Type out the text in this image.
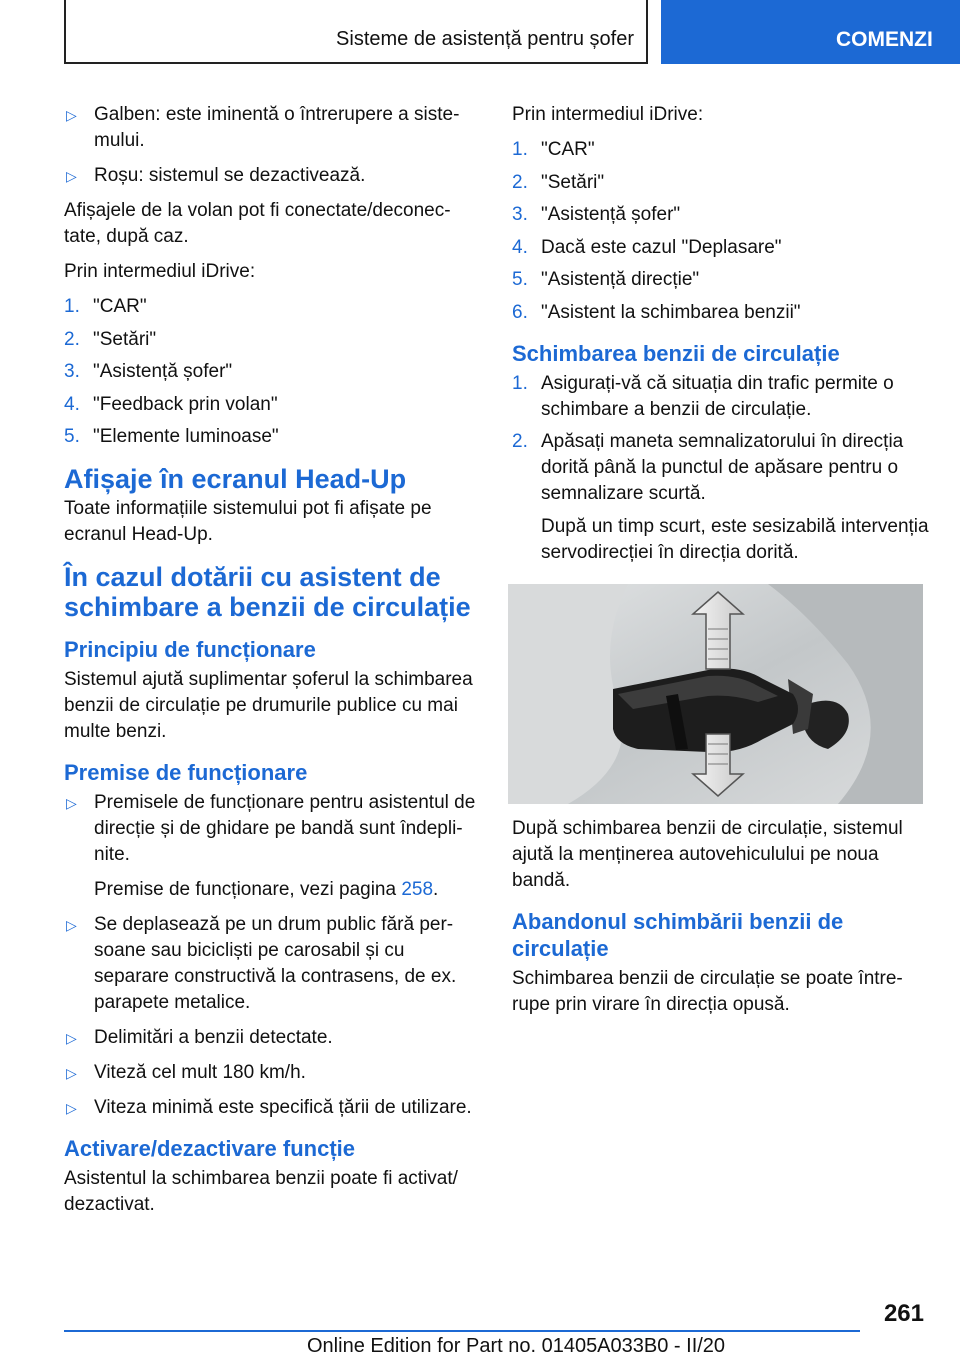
Sisteme de asistență pentru șofer	COMENZI
▷ Galben: este iminentă o întrerupere a siste‐mului.
▷ Roșu: sistemul se dezactivează.

Afișajele de la volan pot fi conectate/deconec‐tate, după caz.

Prin intermediul iDrive:

1. "CAR"
2. "Setări"
3. "Asistență șofer"
4. "Feedback prin volan"
5. "Elemente luminoase"
Afișaje în ecranul Head-Up

Toate informațiile sistemului pot fi afișate pe ecranul Head-Up.

În cazul dotării cu asistent de schimbare a benzii de circulație
Principiu de funcționare

Sistemul ajută suplimentar șoferul la schimbarea benzii de circulație pe drumurile publice cu mai multe benzi.

Premise de funcționare
▷ Premisele de funcționare pentru asistentul de direcție și de ghidare pe bandă sunt îndepli‐nite.
Premise de funcționare, vezi pagina 258.
▷ Se deplasează pe un drum public fără per‐soane sau bicicliști pe carosabil și cu separare constructivă la contrasens, de ex. parapete metalice.
▷ Delimitări a benzii detectate.
▷ Viteză cel mult 180 km/h.
▷ Viteza minimă este specifică țării de utilizare.
Activare/dezactivare funcție

Asistentul la schimbarea benzii poate fi activat/ dezactivat.

Prin intermediul iDrive:

1. "CAR"
2. "Setări"
3. "Asistență șofer"
4. Dacă este cazul "Deplasare"
5. "Asistență direcție"
6. "Asistent la schimbarea benzii"
Schimbarea benzii de circulație
1. Asigurați-vă că situația din trafic permite o schimbare a benzii de circulație.
2. Apăsați maneta semnalizatorului în direcția dorită până la punctul de apăsare pentru o semnalizare scurtă.

După un timp scurt, este sesizabilă intervenția servodirecției în direcția dorită.

După schimbarea benzii de circulație, sistemul ajută la menținerea autovehiculului pe noua bandă.

Abandonul schimbării benzii de circulație

Schimbarea benzii de circulație se poate între‐rupe prin virare în direcția opusă.

261
Online Edition for Part no. 01405A033B0 - II/20
